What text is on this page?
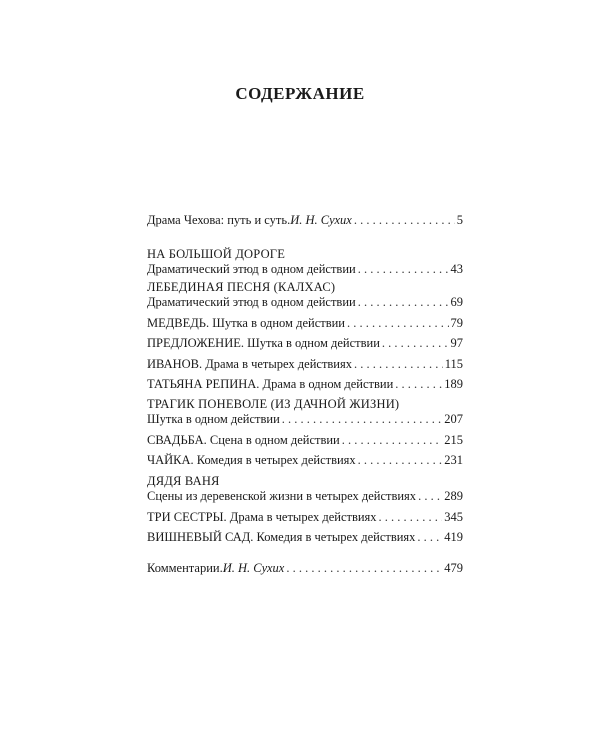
СОДЕРЖАНИЕ
Драма Чехова: путь и суть. И. Н. Сухих . . .	5
НА БОЛЬШОЙ ДОРОГЕ
Драматический этюд в одном действии . . .	43
ЛЕБЕДИНАЯ ПЕСНЯ (КАЛХАС)
Драматический этюд в одном действии . . .	69
МЕДВЕДЬ. Шутка в одном действии . . .	79
ПРЕДЛОЖЕНИЕ. Шутка в одном действии . . .	97
ИВАНОВ. Драма в четырех действиях . . .	115
ТАТЬЯНА РЕПИНА. Драма в одном действии . . .	189
ТРАГИК ПОНЕВОЛЕ (ИЗ ДАЧНОЙ ЖИЗНИ)
Шутка в одном действии . . .	207
СВАДЬБА. Сцена в одном действии . . .	215
ЧАЙКА. Комедия в четырех действиях . . .	231
ДЯДЯ ВАНЯ
Сцены из деревенской жизни в четырех действиях . . . 289
ТРИ СЕСТРЫ. Драма в четырех действиях . . .	345
ВИШНЕВЫЙ САД. Комедия в четырех действиях . . . 419
Комментарии. И. Н. Сухих . . .	479
